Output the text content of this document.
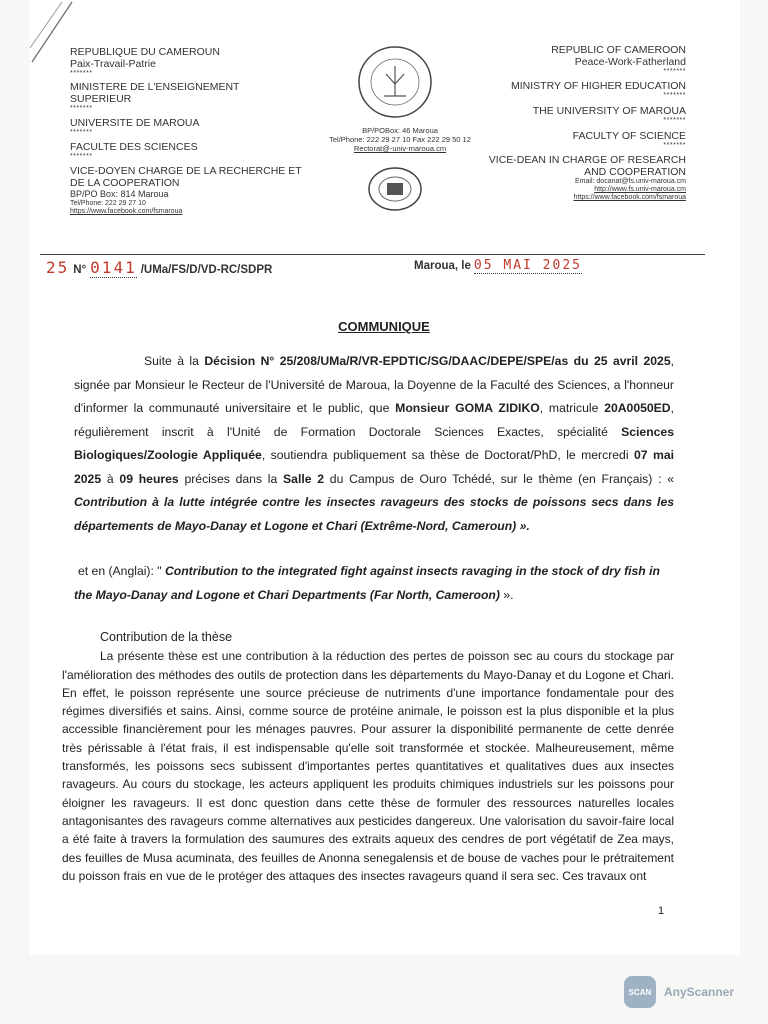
REPUBLIQUE DU CAMEROUN
Paix-Travail-Patrie
*******
MINISTERE DE L'ENSEIGNEMENT
SUPERIEUR
*******
UNIVERSITE DE MAROUA
*******
FACULTE DES SCIENCES
*******
VICE-DOYEN CHARGE DE LA RECHERCHE ET
DE LA COOPERATION
BP/PO Box: 814 Maroua
Tel/Phone: 222 29 27 10
https://www.facebook.com/fsmaroua
BP/POBox: 46 Maroua
Tel/Phone: 222 29 27 10 Fax 222 29 50 12
Rectorat@-univ-maroua.cm
REPUBLIC OF CAMEROON
Peace-Work-Fatherland
*******
MINISTRY OF HIGHER EDUCATION
*******
THE UNIVERSITY OF MAROUA
*******
FACULTY OF SCIENCE
*******
VICE-DEAN IN CHARGE OF RESEARCH
AND COOPERATION
Email: docanat@fs.univ-maroua.cm
http://www.fs.univ-maroua.cm
https://www.facebook.com/fsmaroua
25 N° 0141 /UMa/FS/D/VD-RC/SDPR	Maroua, le 05 MAI 2025
COMMUNIQUE

Suite à la Décision N° 25/208/UMa/R/VR-EPDTIC/SG/DAAC/DEPE/SPE/as du 25 avril 2025, signée par Monsieur le Recteur de l'Université de Maroua, la Doyenne de la Faculté des Sciences, a l'honneur d'informer la communauté universitaire et le public, que Monsieur GOMA ZIDIKO, matricule 20A0050ED, régulièrement inscrit à l'Unité de Formation Doctorale Sciences Exactes, spécialité Sciences Biologiques/Zoologie Appliquée, soutiendra publiquement sa thèse de Doctorat/PhD, le mercredi 07 mai 2025 à 09 heures précises dans la Salle 2 du Campus de Ouro Tchédé, sur le thème (en Français) : « Contribution à la lutte intégrée contre les insectes ravageurs des stocks de poissons secs dans les départements de Mayo-Danay et Logone et Chari (Extrême-Nord, Cameroun) ».

et en (Anglai): " Contribution to the integrated fight against insects ravaging in the stock of dry fish in the Mayo-Danay and Logone et Chari Departments (Far North, Cameroon) ».

Contribution de la thèse

La présente thèse est une contribution à la réduction des pertes de poisson sec au cours du stockage par l'amélioration des méthodes des outils de protection dans les départements du Mayo-Danay et du Logone et Chari. En effet, le poisson représente une source précieuse de nutriments d'une importance fondamentale pour des régimes diversifiés et sains. Ainsi, comme source de protéine animale, le poisson est la plus disponible et la plus accessible financièrement pour les ménages pauvres. Pour assurer la disponibilité permanente de cette denrée très périssable à l'état frais, il est indispensable qu'elle soit transformée et stockée. Malheureusement, même transformés, les poissons secs subissent d'importantes pertes quantitatives et qualitatives dues aux insectes ravageurs. Au cours du stockage, les acteurs appliquent les produits chimiques industriels sur les poissons pour éloigner les ravageurs. Il est donc question dans cette thèse de formuler des ressources naturelles locales antagonisantes des ravageurs comme alternatives aux pesticides dangereux. Une valorisation du savoir-faire local a été faite à travers la formulation des saumures des extraits aqueux des cendres de port végétatif de Zea mays, des feuilles de Musa acuminata, des feuilles de Anonna senegalensis et de bouse de vaches pour le prétraitement du poisson frais en vue de le protéger des attaques des insectes ravageurs quand il sera sec. Ces travaux ont

1
SCAN	AnyScanner
